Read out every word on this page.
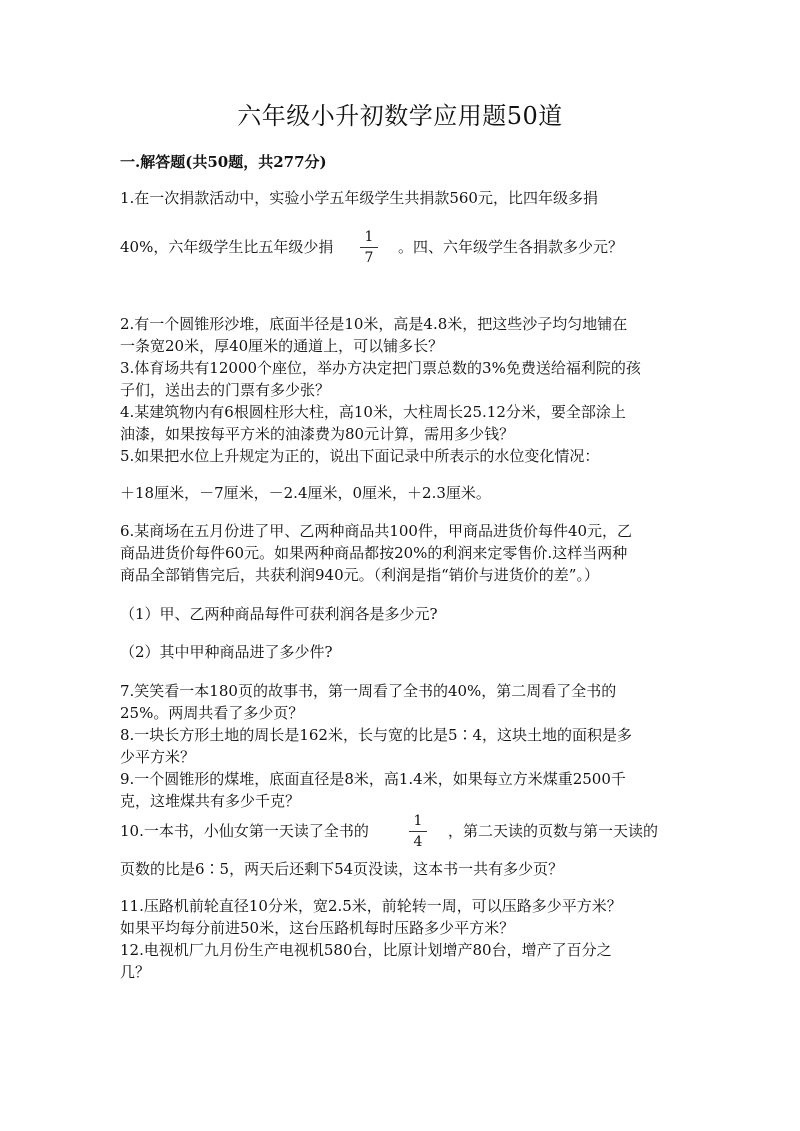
六年级小升初数学应用题50道
一.解答题(共50题，共277分)
1.在一次捐款活动中，实验小学五年级学生共捐款560元，比四年级多捐
40%，六年级学生比五年级少捐
1
7
。四、六年级学生各捐款多少元？
2.有一个圆锥形沙堆，底面半径是10米，高是4.8米，把这些沙子均匀地铺在
一条宽20米，厚40厘米的通道上，可以铺多长？
3.体育场共有12000个座位，举办方决定把门票总数的3%免费送给福利院的孩
子们，送出去的门票有多少张？
4.某建筑物内有6根圆柱形大柱，高10米，大柱周长25.12分米，要全部涂上
油漆，如果按每平方米的油漆费为80元计算，需用多少钱？
5.如果把水位上升规定为正的，说出下面记录中所表示的水位变化情况：
＋18厘米，－7厘米，－2.4厘米，0厘米，＋2.3厘米。
6.某商场在五月份进了甲、乙两种商品共100件，甲商品进货价每件40元，乙
商品进货价每件60元。如果两种商品都按20%的利润来定零售价.这样当两种
商品全部销售完后，共获利润940元。（利润是指“销价与进货价的差”。）
（1）甲、乙两种商品每件可获利润各是多少元?
（2）其中甲种商品进了多少件?
7.笑笑看一本180页的故事书，第一周看了全书的40%，第二周看了全书的
25%。两周共看了多少页？
8.一块长方形土地的周长是162米，长与宽的比是5∶4，这块土地的面积是多
少平方米？
9.一个圆锥形的煤堆，底面直径是8米，高1.4米，如果每立方米煤重2500千
克，这堆煤共有多少千克？
10.一本书，小仙女第一天读了全书的
1
4
，第二天读的页数与第一天读的
页数的比是6∶5，两天后还剩下54页没读，这本书一共有多少页？
11.压路机前轮直径10分米，宽2.5米，前轮转一周，可以压路多少平方米？
如果平均每分前进50米，这台压路机每时压路多少平方米？
12.电视机厂九月份生产电视机580台，比原计划增产80台，增产了百分之
几？
